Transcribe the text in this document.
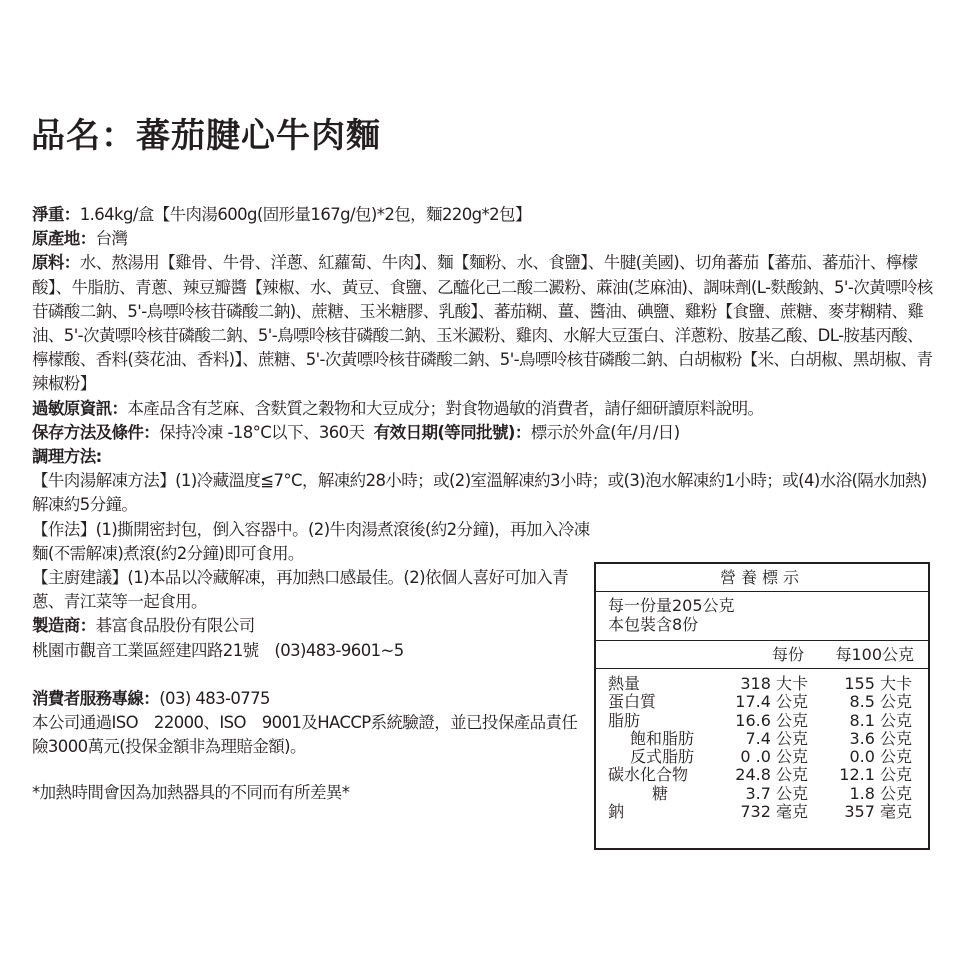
品名：蕃茄腱心牛肉麵

淨重：1.64kg/盒【牛肉湯600g(固形量167g/包)*2包，麵220g*2包】

原產地：台灣

原料：水、熬湯用【雞骨、牛骨、洋蔥、紅蘿蔔、牛肉】、麵【麵粉、水、食鹽】、牛腱(美國)、切角蕃茄【蕃茄、蕃茄汁、檸檬酸】、牛脂肪、青蔥、辣豆瓣醬【辣椒、水、黃豆、食鹽、乙醯化己二酸二澱粉、蔴油(芝麻油)、調味劑(L-麩酸鈉、5'-次黃嘌呤核苷磷酸二鈉、5'-鳥嘌呤核苷磷酸二鈉)、蔗糖、玉米糖膠、乳酸】、蕃茄糊、薑、醬油、碘鹽、雞粉【食鹽、蔗糖、麥芽糊精、雞油、5'-次黃嘌呤核苷磷酸二鈉、5'-鳥嘌呤核苷磷酸二鈉、玉米澱粉、雞肉、水解大豆蛋白、洋蔥粉、胺基乙酸、DL-胺基丙酸、檸檬酸、香料(葵花油、香料)】、蔗糖、5'-次黃嘌呤核苷磷酸二鈉、5'-鳥嘌呤核苷磷酸二鈉、白胡椒粉【米、白胡椒、黑胡椒、青辣椒粉】

過敏原資訊：本產品含有芝麻、含麩質之穀物和大豆成分；對食物過敏的消費者，請仔細研讀原料說明。

保存方法及條件：保持冷凍 -18°C以下、360天 有效日期(等同批號)：標示於外盒(年/月/日)

調理方法:

【牛肉湯解凍方法】(1)冷藏溫度≦7°C，解凍約28小時；或(2)室溫解凍約3小時；或(3)泡水解凍約1小時；或(4)水浴(隔水加熱)解凍約5分鐘。

【作法】(1)撕開密封包，倒入容器中。(2)牛肉湯煮滾後(約2分鐘)，再加入冷凍麵(不需解凍)煮滾(約2分鐘)即可食用。

【主廚建議】(1)本品以冷藏解凍，再加熱口感最佳。(2)依個人喜好可加入青蔥、青江菜等一起食用。

製造商：碁富食品股份有限公司

桃園市觀音工業區經建四路21號　(03)483-9601~5

消費者服務專線：(03) 483-0775

本公司通過ISO　22000、ISO　9001及HACCP系統驗證，並已投保產品責任險3000萬元(投保金額非為理賠金額)。

*加熱時間會因為加熱器具的不同而有所差異*

營養標示
每一份量205公克
本包裝含8份
每份 每100公克
熱量	318 大卡 155 大卡
蛋白質	17.4 公克	8.5 公克
脂肪	16.6 公克	8.1 公克
飽和脂肪	7.4 公克	3.6 公克
反式脂肪	0 .0 公克	0.0 公克
碳水化合物	24.8 公克 12.1 公克
糖	3.7 公克	1.8 公克
鈉	732 毫克 357 毫克
